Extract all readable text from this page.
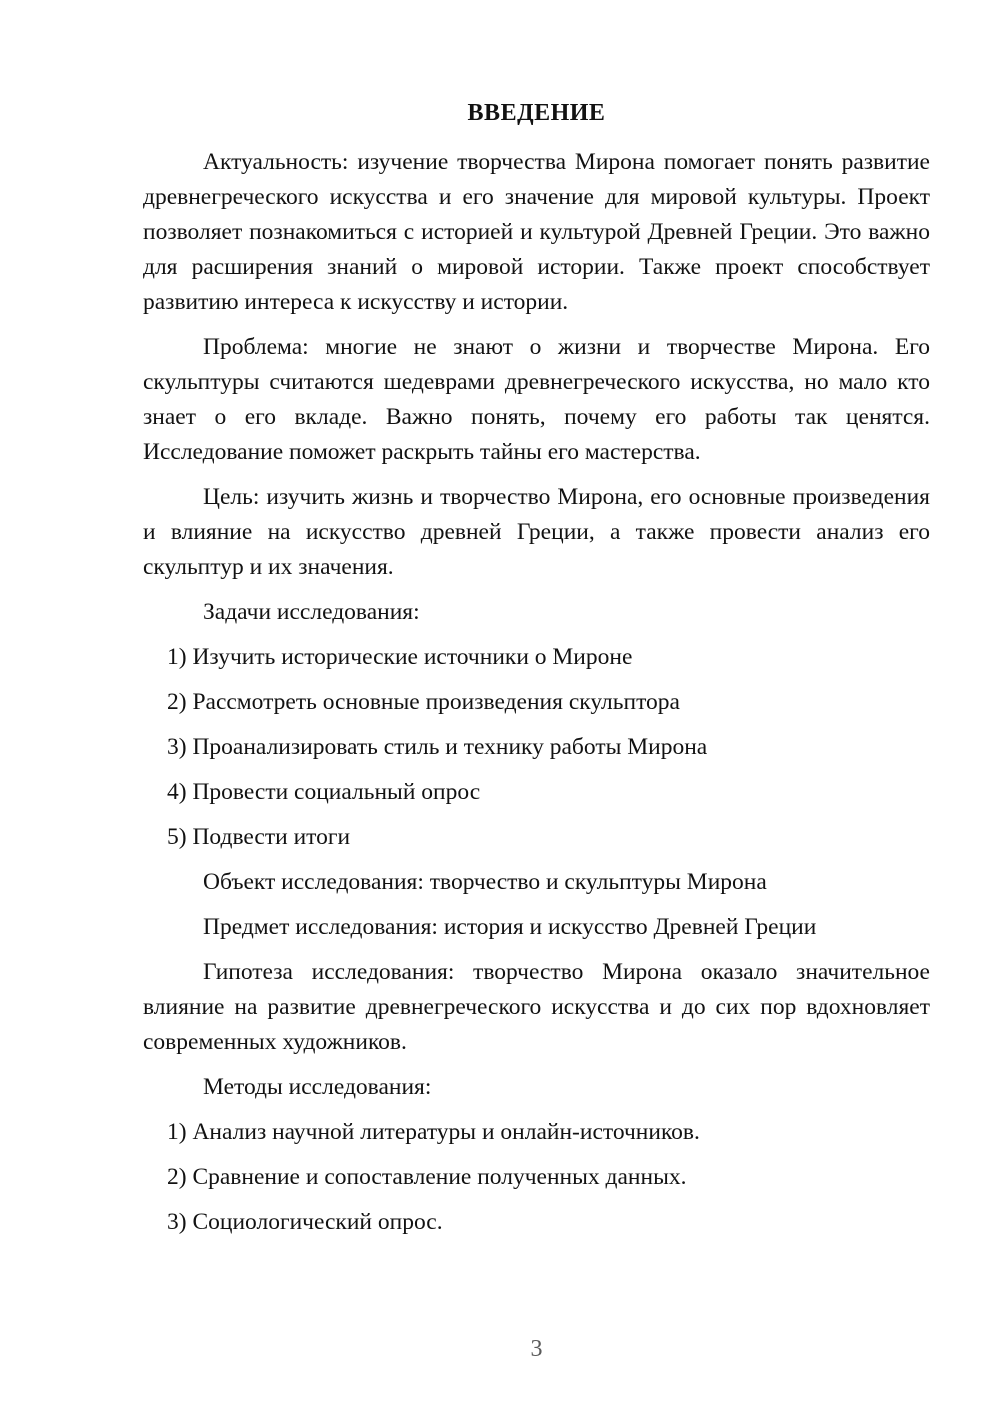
ВВЕДЕНИЕ

Актуальность: изучение творчества Мирона помогает понять развитие древнегреческого искусства и его значение для мировой культуры. Проект позволяет познакомиться с историей и культурой Древней Греции. Это важно для расширения знаний о мировой истории. Также проект способствует развитию интереса к искусству и истории.

Проблема: многие не знают о жизни и творчестве Мирона. Его скульптуры считаются шедеврами древнегреческого искусства, но мало кто знает о его вкладе. Важно понять, почему его работы так ценятся. Исследование поможет раскрыть тайны его мастерства.

Цель: изучить жизнь и творчество Мирона, его основные произведения и влияние на искусство древней Греции, а также провести анализ его скульптур и их значения.

Задачи исследования:

1) Изучить исторические источники о Мироне

2) Рассмотреть основные произведения скульптора

3) Проанализировать стиль и технику работы Мирона

4) Провести социальный опрос

5) Подвести итоги

Объект исследования: творчество и скульптуры Мирона

Предмет исследования: история и искусство Древней Греции

Гипотеза исследования: творчество Мирона оказало значительное влияние на развитие древнегреческого искусства и до сих пор вдохновляет современных художников.

Методы исследования:

1) Анализ научной литературы и онлайн-источников.

2) Сравнение и сопоставление полученных данных.

3) Социологический опрос.

3
